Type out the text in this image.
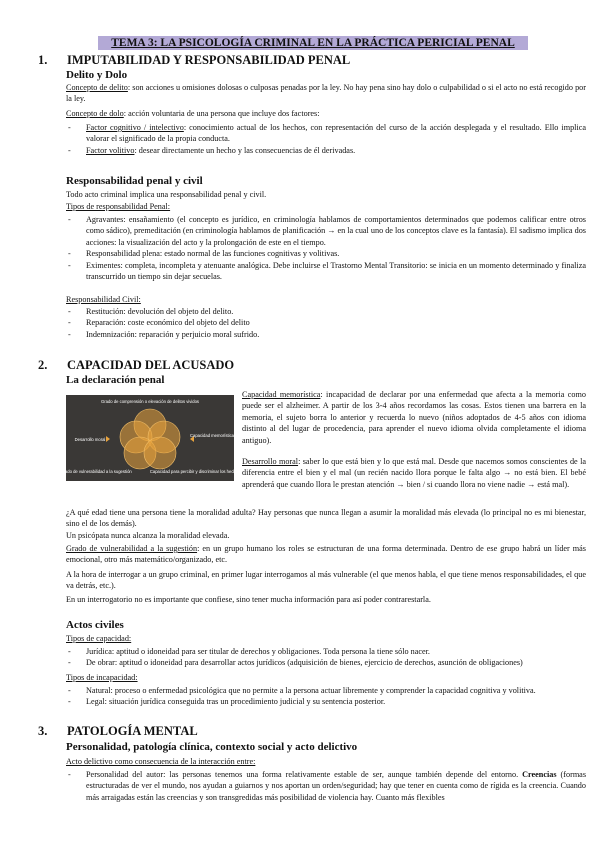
TEMA 3: LA PSICOLOGÍA CRIMINAL EN LA PRÁCTICA PERICIAL PENAL
1. IMPUTABILIDAD Y RESPONSABILIDAD PENAL
Delito y Dolo
Concepto de delito: son acciones u omisiones dolosas o culposas penadas por la ley. No hay pena sino hay dolo o culpabilidad o si el acto no está recogido por la ley.
Concepto de dolo: acción voluntaria de una persona que incluye dos factores:
- Factor cognitivo / intelectivo: conocimiento actual de los hechos, con representación del curso de la acción desplegada y el resultado. Ello implica valorar el significado de la propia conducta.
- Factor volitivo: desear directamente un hecho y las consecuencias de él derivadas.
Responsabilidad penal y civil
Todo acto criminal implica una responsabilidad penal y civil.
Tipos de responsabilidad Penal:
- Agravantes: ensañamiento (el concepto es jurídico, en criminología hablamos de comportamientos determinados que podemos calificar entre otros como sádico), premeditación (en criminología hablamos de planificación → en la cual uno de los conceptos clave es la fantasía). El sadismo implica dos acciones: la visualización del acto y la prolongación de este en el tiempo.
- Responsabilidad plena: estado normal de las funciones cognitivas y volitivas.
- Eximentes: completa, incompleta y atenuante analógica. Debe incluirse el Trastorno Mental Transitorio: se inicia en un momento determinado y finaliza transcurrido un tiempo sin dejar secuelas.
Responsabilidad Civil:
- Restitución: devolución del objeto del delito.
- Reparación: coste económico del objeto del delito
- Indemnización: reparación y perjuicio moral sufrido.
2. CAPACIDAD DEL ACUSADO
La declaración penal
Grado de comprensión o elevación de delitos vividos
Desarrollo moral
Capacidad memorística
Grado de vulnerabilidad a la sugestión	Capacidad para percibir y discriminar los hechos vividos
Capacidad memorística: incapacidad de declarar por una enfermedad que afecta a la memoria como puede ser el alzheimer. A partir de los 3-4 años recordamos las cosas. Estos tienen una barrera en la memoria, el sujeto borra lo anterior y recuerda lo nuevo (niños adoptados de 4-5 años con idioma distinto al del lugar de procedencia, para aprender el nuevo idioma olvida completamente el idioma antiguo).
Desarrollo moral: saber lo que está bien y lo que está mal. Desde que nacemos somos conscientes de la diferencia entre el bien y el mal (un recién nacido llora porque le falta algo → no está bien. El bebé aprenderá que cuando llora le prestan atención → bien / si cuando llora no viene nadie → está mal).
¿A qué edad tiene una persona tiene la moralidad adulta? Hay personas que nunca llegan a asumir la moralidad más elevada (lo principal no es mi bienestar, sino el de los demás).
Un psicópata nunca alcanza la moralidad elevada.
Grado de vulnerabilidad a la sugestión: en un grupo humano los roles se estructuran de una forma determinada. Dentro de ese grupo habrá un líder más emocional, otro más matemático/organizado, etc.
A la hora de interrogar a un grupo criminal, en primer lugar interrogamos al más vulnerable (el que menos habla, el que tiene menos responsabilidades, el que va detrás, etc.).
En un interrogatorio no es importante que confiese, sino tener mucha información para así poder contrarestarla.
Actos civiles
Tipos de capacidad:
- Jurídica: aptitud o idoneidad para ser titular de derechos y obligaciones. Toda persona la tiene sólo nacer.
- De obrar: aptitud o idoneidad para desarrollar actos jurídicos (adquisición de bienes, ejercicio de derechos, asunción de obligaciones)
Tipos de incapacidad:
- Natural: proceso o enfermedad psicológica que no permite a la persona actuar libremente y comprender la capacidad cognitiva y volitiva.
- Legal: situación jurídica conseguida tras un procedimiento judicial y su sentencia posterior.
3. PATOLOGÍA MENTAL
Personalidad, patología clínica, contexto social y acto delictivo
Acto delictivo como consecuencia de la interacción entre:
- Personalidad del autor: las personas tenemos una forma relativamente estable de ser, aunque también depende del entorno. Creencias (formas estructuradas de ver el mundo, nos ayudan a guiarnos y nos aportan un orden/seguridad; hay que tener en cuenta como de rígida es la creencia. Cuando más arraigadas están las creencias y son transgredidas más posibilidad de violencia hay. Cuanto más flexibles
